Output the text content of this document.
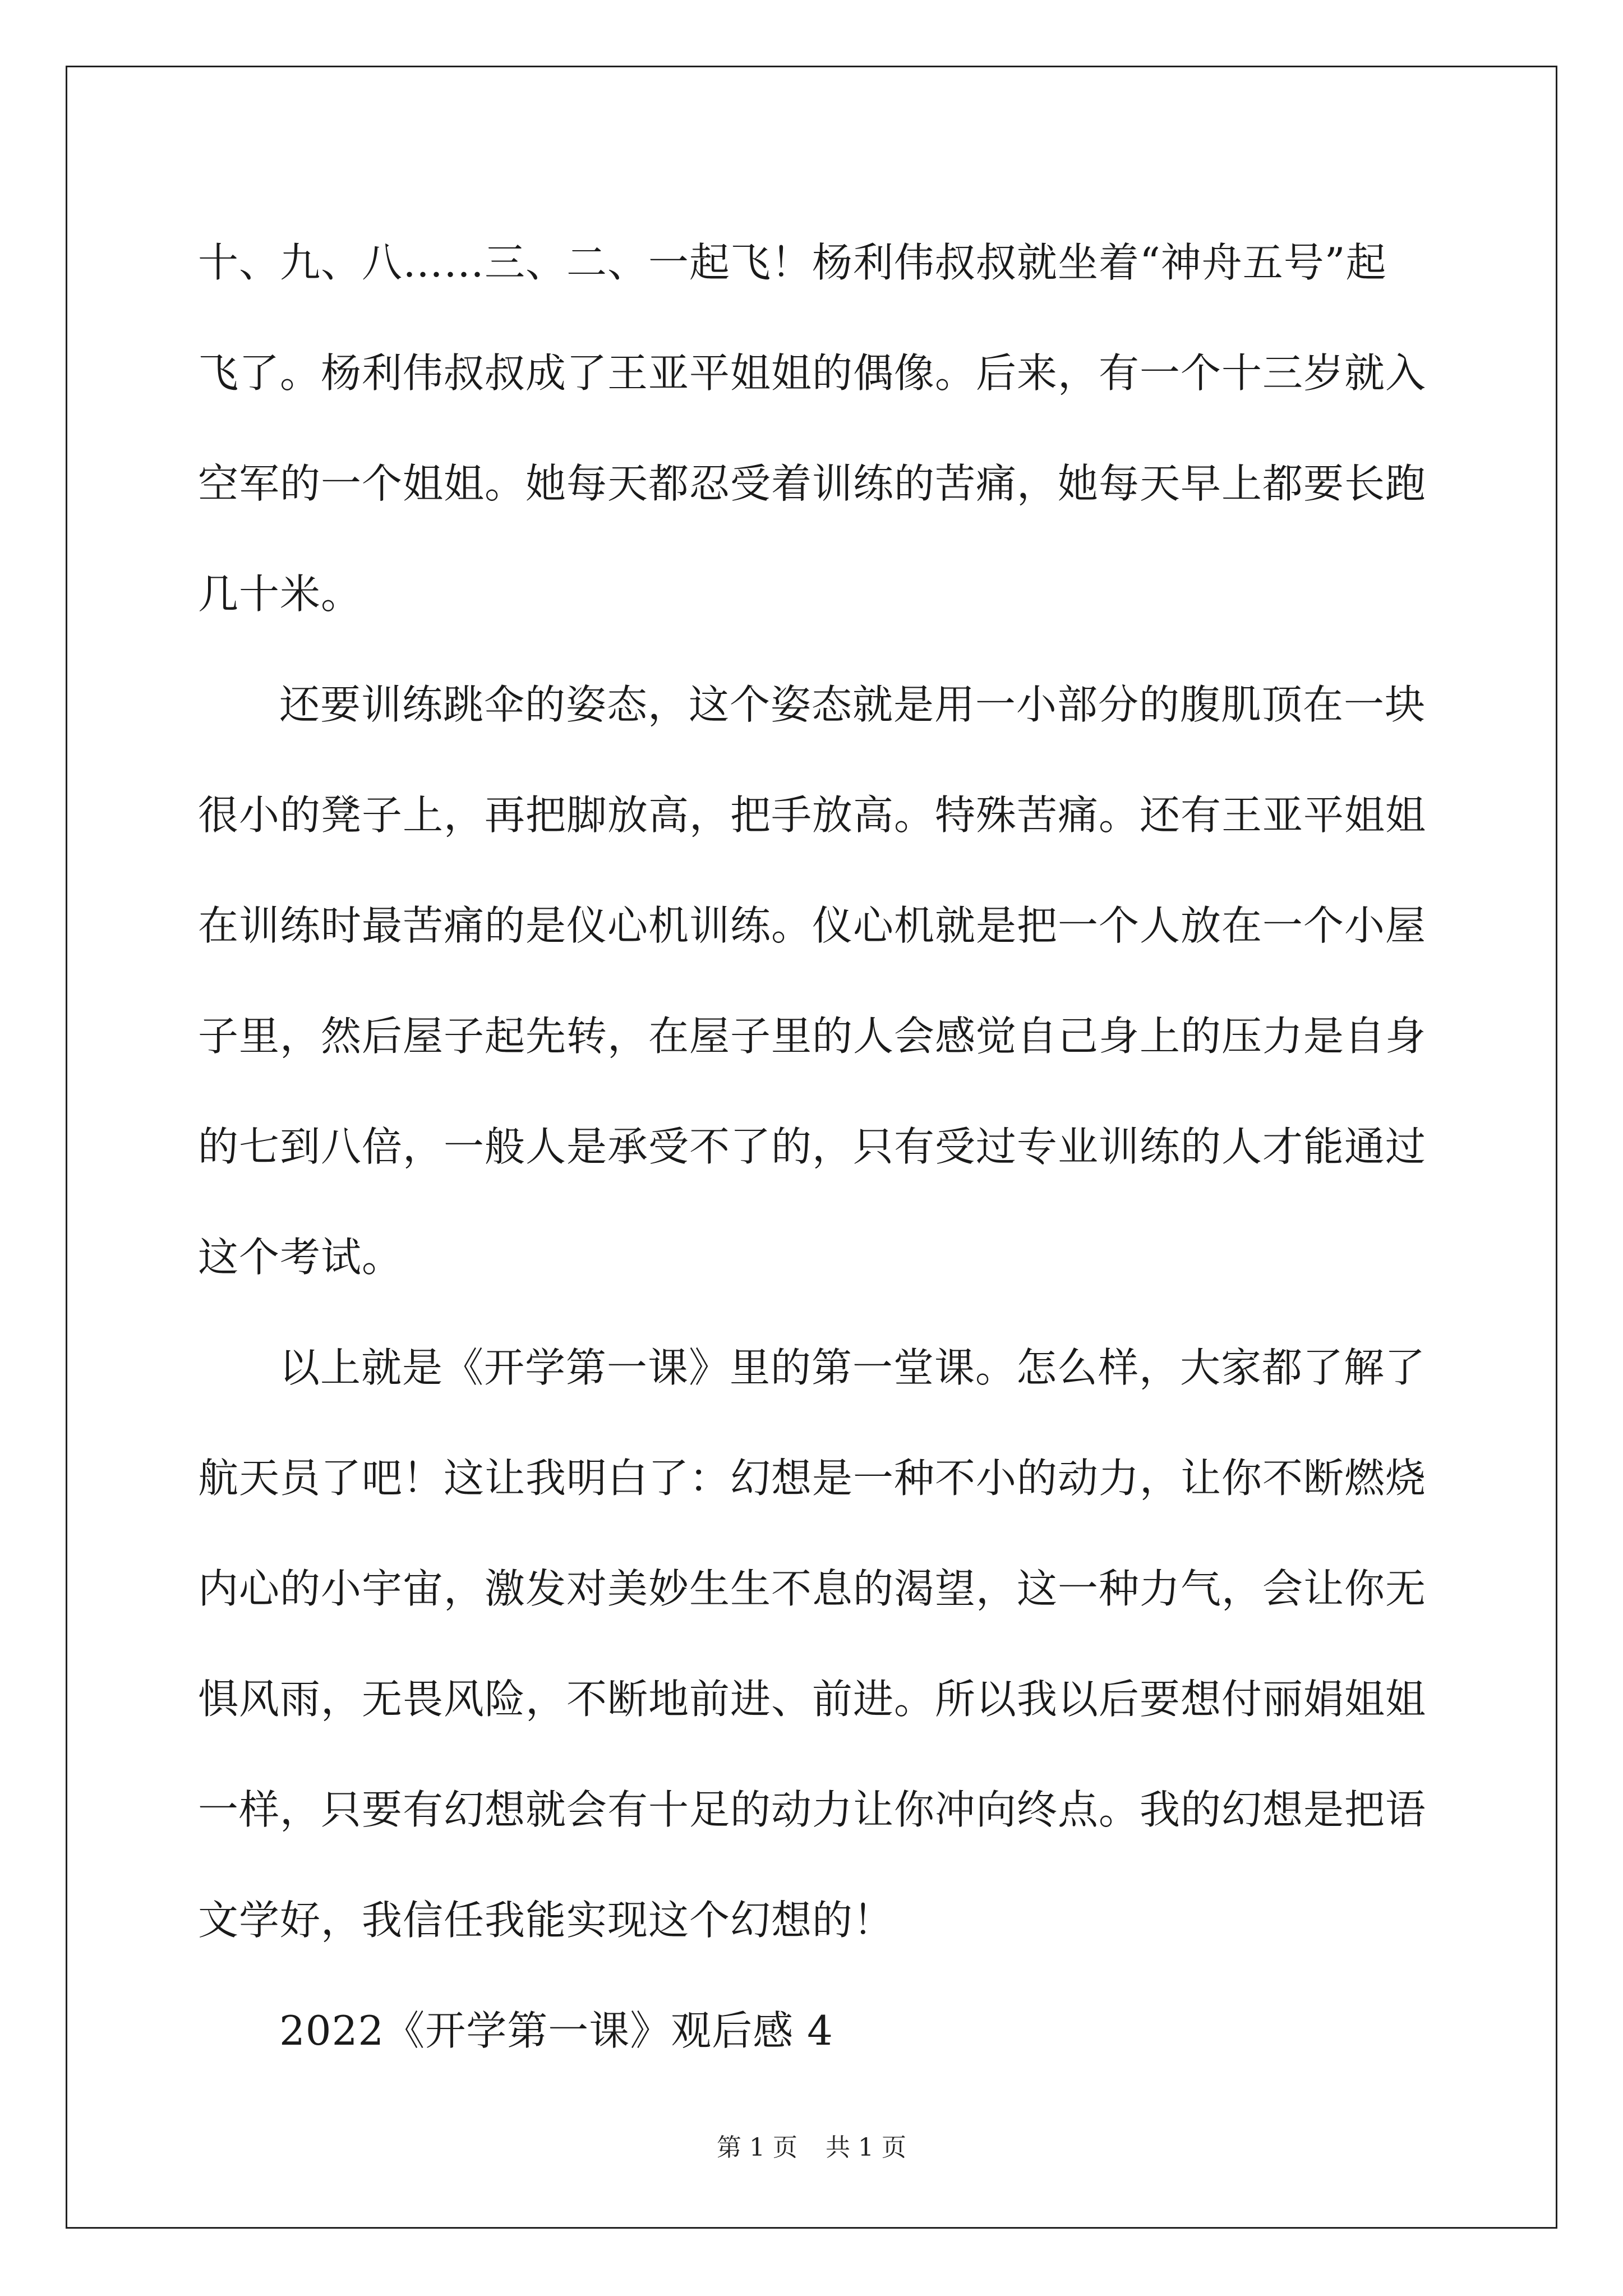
十、九、八……三、二、一起飞！杨利伟叔叔就坐着“神舟五号”起
飞了。杨利伟叔叔成了王亚平姐姐的偶像。后来，有一个十三岁就入
空军的一个姐姐。她每天都忍受着训练的苦痛，她每天早上都要长跑
几十米。
还要训练跳伞的姿态，这个姿态就是用一小部分的腹肌顶在一块
很小的凳子上，再把脚放高，把手放高。特殊苦痛。还有王亚平姐姐
在训练时最苦痛的是仪心机训练。仪心机就是把一个人放在一个小屋
子里，然后屋子起先转，在屋子里的人会感觉自己身上的压力是自身
的七到八倍，一般人是承受不了的，只有受过专业训练的人才能通过
这个考试。
以上就是《开学第一课》里的第一堂课。怎么样，大家都了解了
航天员了吧！这让我明白了：幻想是一种不小的动力，让你不断燃烧
内心的小宇宙，激发对美妙生生不息的渴望，这一种力气，会让你无
惧风雨，无畏风险，不断地前进、前进。所以我以后要想付丽娟姐姐
一样，只要有幻想就会有十足的动力让你冲向终点。我的幻想是把语
文学好，我信任我能实现这个幻想的！
2022《开学第一课》观后感 4
第 1 页 共 1 页
